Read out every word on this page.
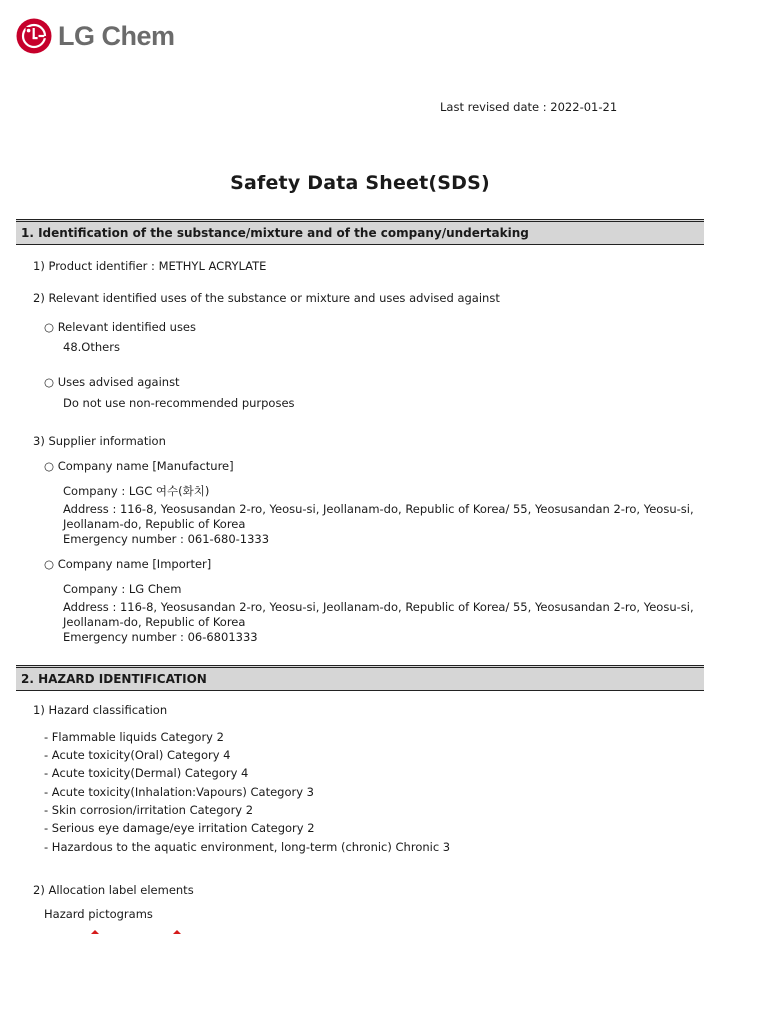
LG Chem
Last revised date : 2022-01-21
Safety Data Sheet(SDS)
1. Identification of the substance/mixture and of the company/undertaking
1) Product identifier : METHYL ACRYLATE
2) Relevant identified uses of the substance or mixture and uses advised against
○ Relevant identified uses
48.Others
○ Uses advised against
Do not use non-recommended purposes
3) Supplier information
○ Company name [Manufacture]
Company : LGC 여수(화치)
Address : 116-8, Yeosusandan 2-ro, Yeosu-si, Jeollanam-do, Republic of Korea/ 55, Yeosusandan 2-ro, Yeosu-si, Jeollanam-do, Republic of Korea
Emergency number : 061-680-1333
○ Company name [Importer]
Company : LG Chem
Address : 116-8, Yeosusandan 2-ro, Yeosu-si, Jeollanam-do, Republic of Korea/ 55, Yeosusandan 2-ro, Yeosu-si, Jeollanam-do, Republic of Korea
Emergency number : 06-6801333
2. HAZARD IDENTIFICATION
1) Hazard classification
- Flammable liquids Category 2
- Acute toxicity(Oral) Category 4
- Acute toxicity(Dermal) Category 4
- Acute toxicity(Inhalation:Vapours) Category 3
- Skin corrosion/irritation Category 2
- Serious eye damage/eye irritation Category 2
- Hazardous to the aquatic environment, long-term (chronic) Chronic 3
2) Allocation label elements
Hazard pictograms
